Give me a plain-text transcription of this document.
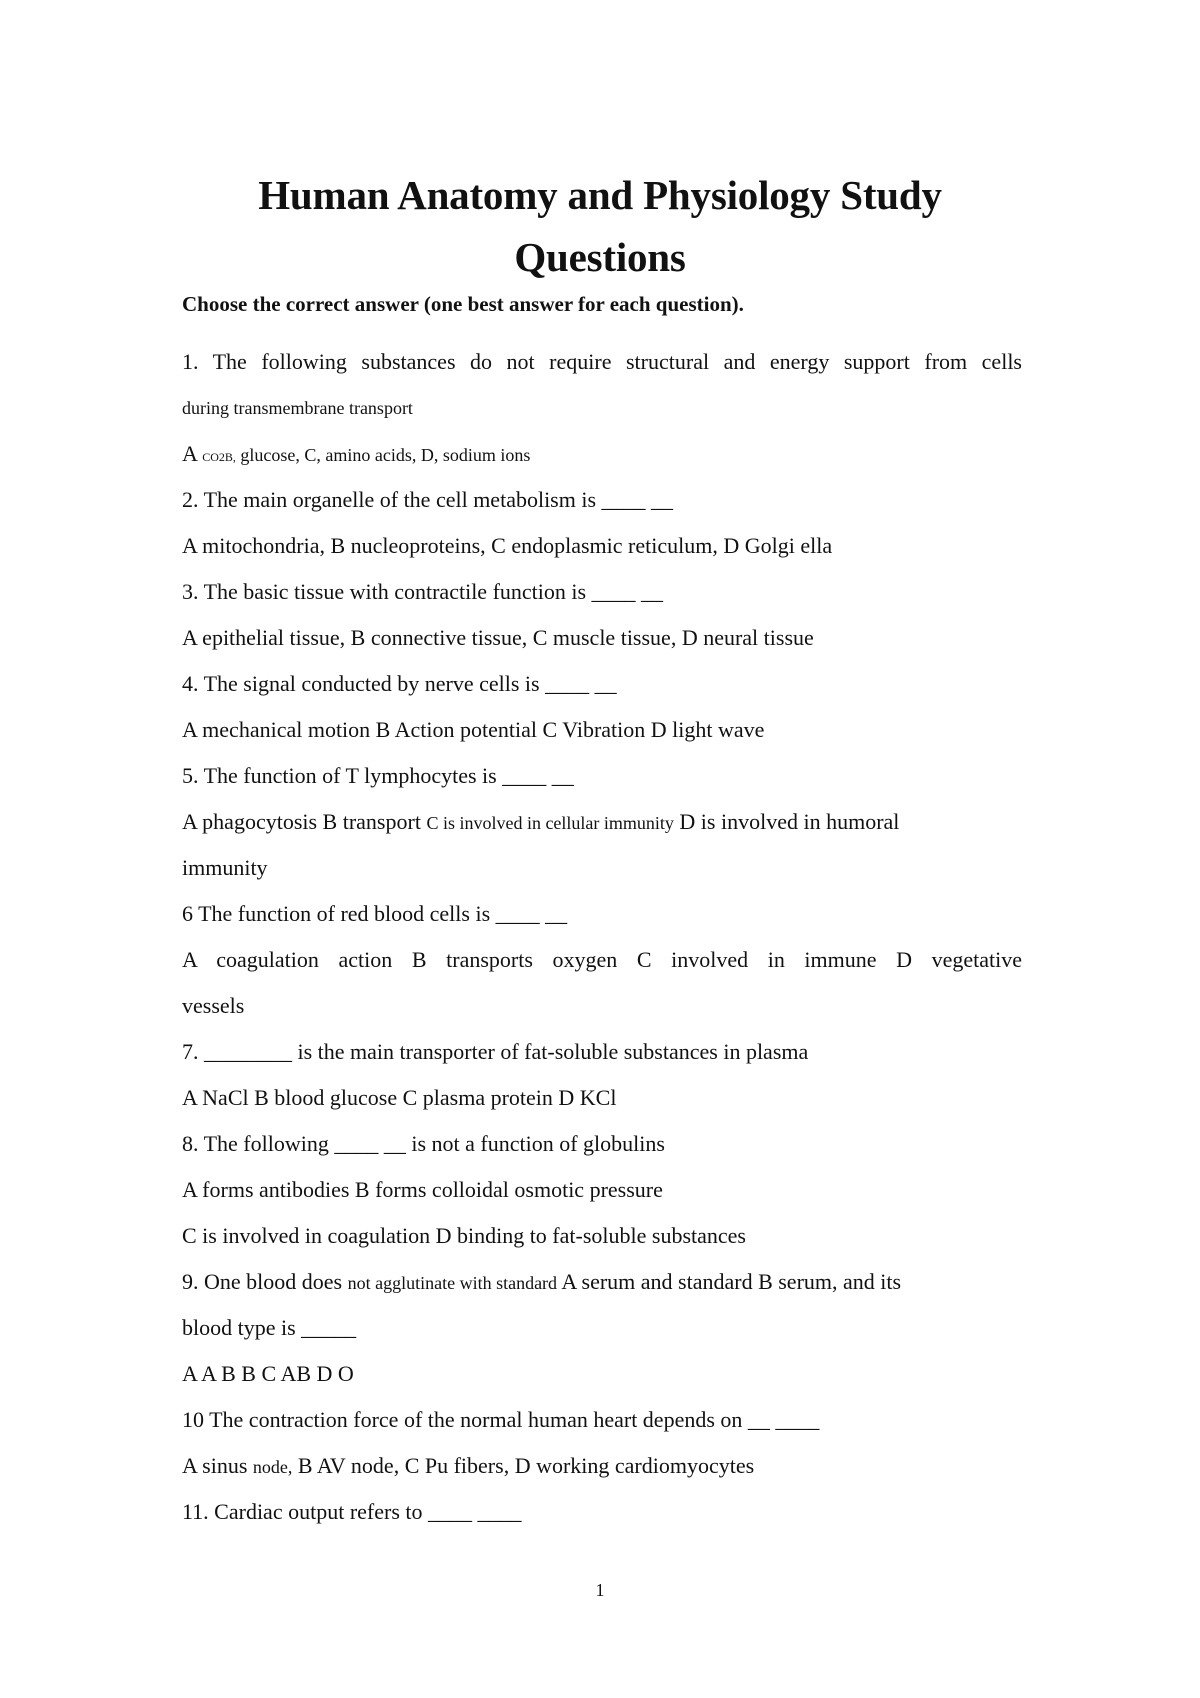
Human Anatomy and Physiology Study
Questions
Choose the correct answer (one best answer for each question).
1. The following substances do not require structural and energy support from cells
during transmembrane transport
A CO2B, glucose, C, amino acids, D, sodium ions
2. The main organelle of the cell metabolism is ____ __
A mitochondria, B nucleoproteins, C endoplasmic reticulum, D Golgi ella
3. The basic tissue with contractile function is ____ __
A epithelial tissue, B connective tissue, C muscle tissue, D neural tissue
4. The signal conducted by nerve cells is ____ __
A mechanical motion B Action potential C Vibration D light wave
5. The function of T lymphocytes is ____ __
A phagocytosis B transport C is involved in cellular immunity D is involved in humoral
immunity
6 The function of red blood cells is ____ __
A coagulation action B transports oxygen C involved in immune D vegetative
vessels
7. ________ is the main transporter of fat-soluble substances in plasma
A NaCl B blood glucose C plasma protein D KCl
8. The following ____ __ is not a function of globulins
A forms antibodies B forms colloidal osmotic pressure
C is involved in coagulation D binding to fat-soluble substances
9. One blood does not agglutinate with standard A serum and standard B serum, and its
blood type is _____
A A B B C AB D O
10 The contraction force of the normal human heart depends on __ ____
A sinus node, B AV node, C Pu fibers, D working cardiomyocytes
11. Cardiac output refers to ____ ____
1
